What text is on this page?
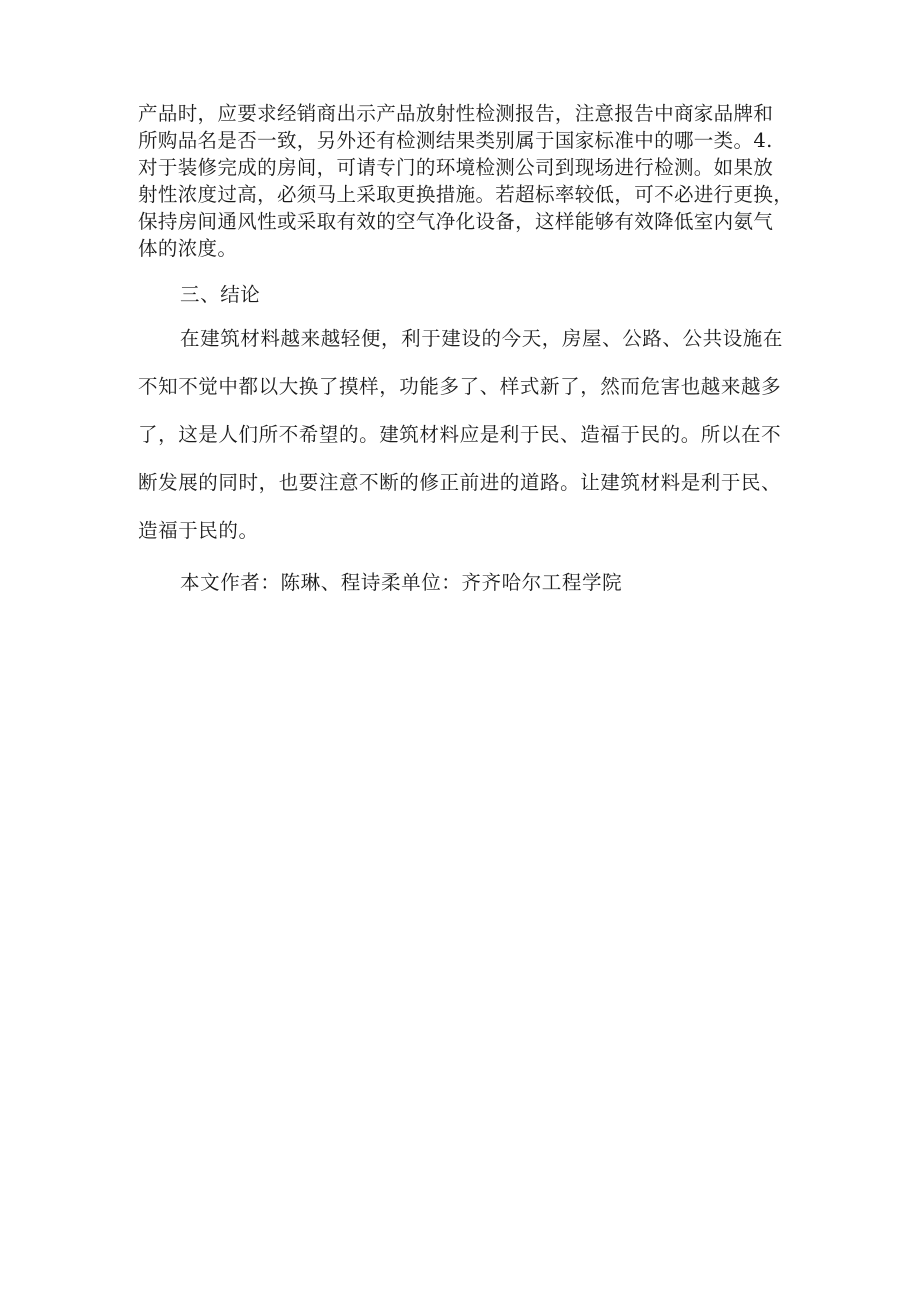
产品时，应要求经销商出示产品放射性检测报告，注意报告中商家品牌和
所购品名是否一致，另外还有检测结果类别属于国家标准中的哪一类。4.
对于装修完成的房间，可请专门的环境检测公司到现场进行检测。如果放
射性浓度过高，必须马上采取更换措施。若超标率较低，可不必进行更换，
保持房间通风性或采取有效的空气净化设备，这样能够有效降低室内氨气
体的浓度。
三、结论
在建筑材料越来越轻便，利于建设的今天，房屋、公路、公共设施在
不知不觉中都以大换了摸样，功能多了、样式新了，然而危害也越来越多
了，这是人们所不希望的。建筑材料应是利于民、造福于民的。所以在不
断发展的同时，也要注意不断的修正前进的道路。让建筑材料是利于民、
造福于民的。
本文作者：陈琳、程诗柔单位：齐齐哈尔工程学院
